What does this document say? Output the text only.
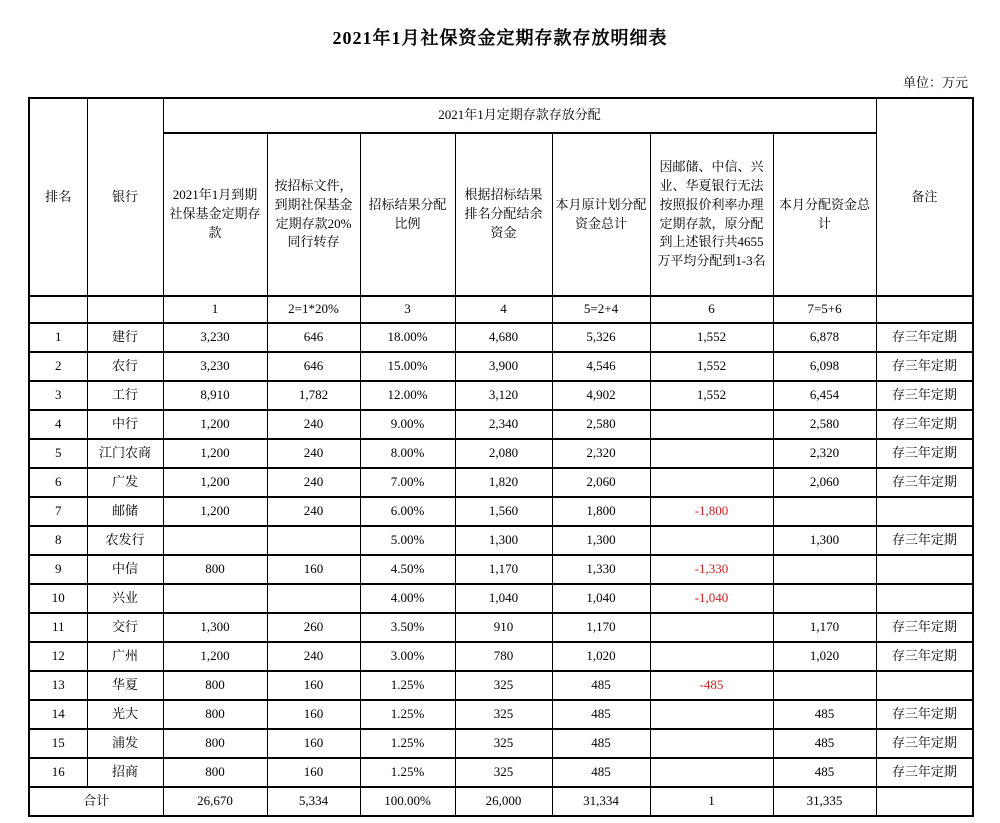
2021年1月社保资金定期存款存放明细表
单位：万元
排名	银行	2021年1月定期存款存放分配							备注
		2021年1月到期社保基金定期存款	按招标文件，到期社保基金定期存款20%同行转存	招标结果分配比例	根据招标结果排名分配结余资金	本月原计划分配资金总计	因邮储、中信、兴业、华夏银行无法按照报价利率办理定期存款，原分配到上述银行共4655万平均分配到1-3名	本月分配资金总计	
		1	2=1*20%	3	4	5=2+4	6	7=5+6	
1	建行	3,230	646	18.00%	4,680	5,326	1,552	6,878	存三年定期
2	农行	3,230	646	15.00%	3,900	4,546	1,552	6,098	存三年定期
3	工行	8,910	1,782	12.00%	3,120	4,902	1,552	6,454	存三年定期
4	中行	1,200	240	9.00%	2,340	2,580		2,580	存三年定期
5	江门农商	1,200	240	8.00%	2,080	2,320		2,320	存三年定期
6	广发	1,200	240	7.00%	1,820	2,060		2,060	存三年定期
7	邮储	1,200	240	6.00%	1,560	1,800	-1,800		
8	农发行			5.00%	1,300	1,300		1,300	存三年定期
9	中信	800	160	4.50%	1,170	1,330	-1,330		
10	兴业			4.00%	1,040	1,040	-1,040		
11	交行	1,300	260	3.50%	910	1,170		1,170	存三年定期
12	广州	1,200	240	3.00%	780	1,020		1,020	存三年定期
13	华夏	800	160	1.25%	325	485	-485		
14	光大	800	160	1.25%	325	485		485	存三年定期
15	浦发	800	160	1.25%	325	485		485	存三年定期
16	招商	800	160	1.25%	325	485		485	存三年定期
合计		26,670	5,334	100.00%	26,000	31,334	1	31,335	
